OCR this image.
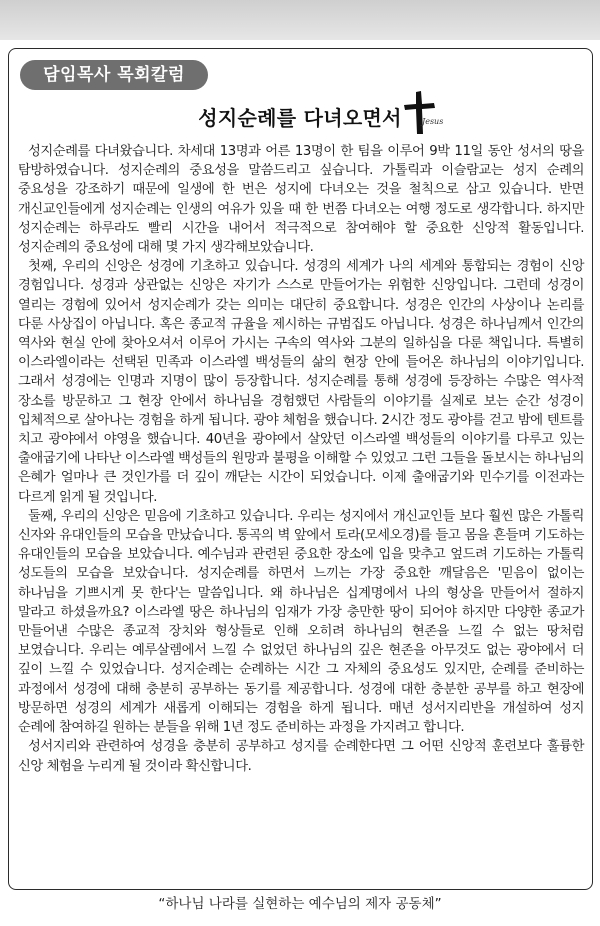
담임목사 목회칼럼
성지순례를 다녀오면서	Jesus

성지순례를 다녀왔습니다. 차세대 13명과 어른 13명이 한 팀을 이루어 9박 11일 동안 성서의 땅을 탐방하였습니다. 성지순례의 중요성을 말씀드리고 싶습니다. 가톨릭과 이슬람교는 성지 순례의 중요성을 강조하기 때문에 일생에 한 번은 성지에 다녀오는 것을 철칙으로 삼고 있습니다. 반면 개신교인들에게 성지순례는 인생의 여유가 있을 때 한 번쯤 다녀오는 여행 정도로 생각합니다. 하지만 성지순례는 하루라도 빨리 시간을 내어서 적극적으로 참여해야 할 중요한 신앙적 활동입니다. 성지순례의 중요성에 대해 몇 가지 생각해보았습니다.

첫째, 우리의 신앙은 성경에 기초하고 있습니다. 성경의 세계가 나의 세계와 통합되는 경험이 신앙 경험입니다. 성경과 상관없는 신앙은 자기가 스스로 만들어가는 위험한 신앙입니다. 그런데 성경이 열리는 경험에 있어서 성지순례가 갖는 의미는 대단히 중요합니다. 성경은 인간의 사상이나 논리를 다룬 사상집이 아닙니다. 혹은 종교적 규율을 제시하는 규범집도 아닙니다. 성경은 하나님께서 인간의 역사와 현실 안에 찾아오셔서 이루어 가시는 구속의 역사와 그분의 일하심을 다룬 책입니다. 특별히 이스라엘이라는 선택된 민족과 이스라엘 백성들의 삶의 현장 안에 들어온 하나님의 이야기입니다. 그래서 성경에는 인명과 지명이 많이 등장합니다. 성지순례를 통해 성경에 등장하는 수많은 역사적 장소를 방문하고 그 현장 안에서 하나님을 경험했던 사람들의 이야기를 실제로 보는 순간 성경이 입체적으로 살아나는 경험을 하게 됩니다. 광야 체험을 했습니다. 2시간 정도 광야를 걷고 밤에 텐트를 치고 광야에서 야영을 했습니다. 40년을 광야에서 살았던 이스라엘 백성들의 이야기를 다루고 있는 출애굽기에 나타난 이스라엘 백성들의 원망과 불평을 이해할 수 있었고 그런 그들을 돌보시는 하나님의 은혜가 얼마나 큰 것인가를 더 깊이 깨닫는 시간이 되었습니다. 이제 출애굽기와 민수기를 이전과는 다르게 읽게 될 것입니다.

둘째, 우리의 신앙은 믿음에 기초하고 있습니다. 우리는 성지에서 개신교인들 보다 훨씬 많은 가톨릭 신자와 유대인들의 모습을 만났습니다. 통곡의 벽 앞에서 토라(모세오경)를 들고 몸을 흔들며 기도하는 유대인들의 모습을 보았습니다. 예수님과 관련된 중요한 장소에 입을 맞추고 엎드려 기도하는 가톨릭 성도들의 모습을 보았습니다. 성지순례를 하면서 느끼는 가장 중요한 깨달음은 '믿음이 없이는 하나님을 기쁘시게 못 한다'는 말씀입니다. 왜 하나님은 십계명에서 나의 형상을 만들어서 절하지 말라고 하셨을까요? 이스라엘 땅은 하나님의 임재가 가장 충만한 땅이 되어야 하지만 다양한 종교가 만들어낸 수많은 종교적 장치와 형상들로 인해 오히려 하나님의 현존을 느낄 수 없는 땅처럼 보였습니다. 우리는 예루살렘에서 느낄 수 없었던 하나님의 깊은 현존을 아무것도 없는 광야에서 더 깊이 느낄 수 있었습니다. 성지순례는 순례하는 시간 그 자체의 중요성도 있지만, 순례를 준비하는 과정에서 성경에 대해 충분히 공부하는 동기를 제공합니다. 성경에 대한 충분한 공부를 하고 현장에 방문하면 성경의 세계가 새롭게 이해되는 경험을 하게 됩니다. 매년 성서지리반을 개설하여 성지 순례에 참여하길 원하는 분들을 위해 1년 정도 준비하는 과정을 가지려고 합니다.

성서지리와 관련하여 성경을 충분히 공부하고 성지를 순례한다면 그 어떤 신앙적 훈련보다 훌륭한 신앙 체험을 누리게 될 것이라 확신합니다.

“하나님 나라를 실현하는 예수님의 제자 공동체”
